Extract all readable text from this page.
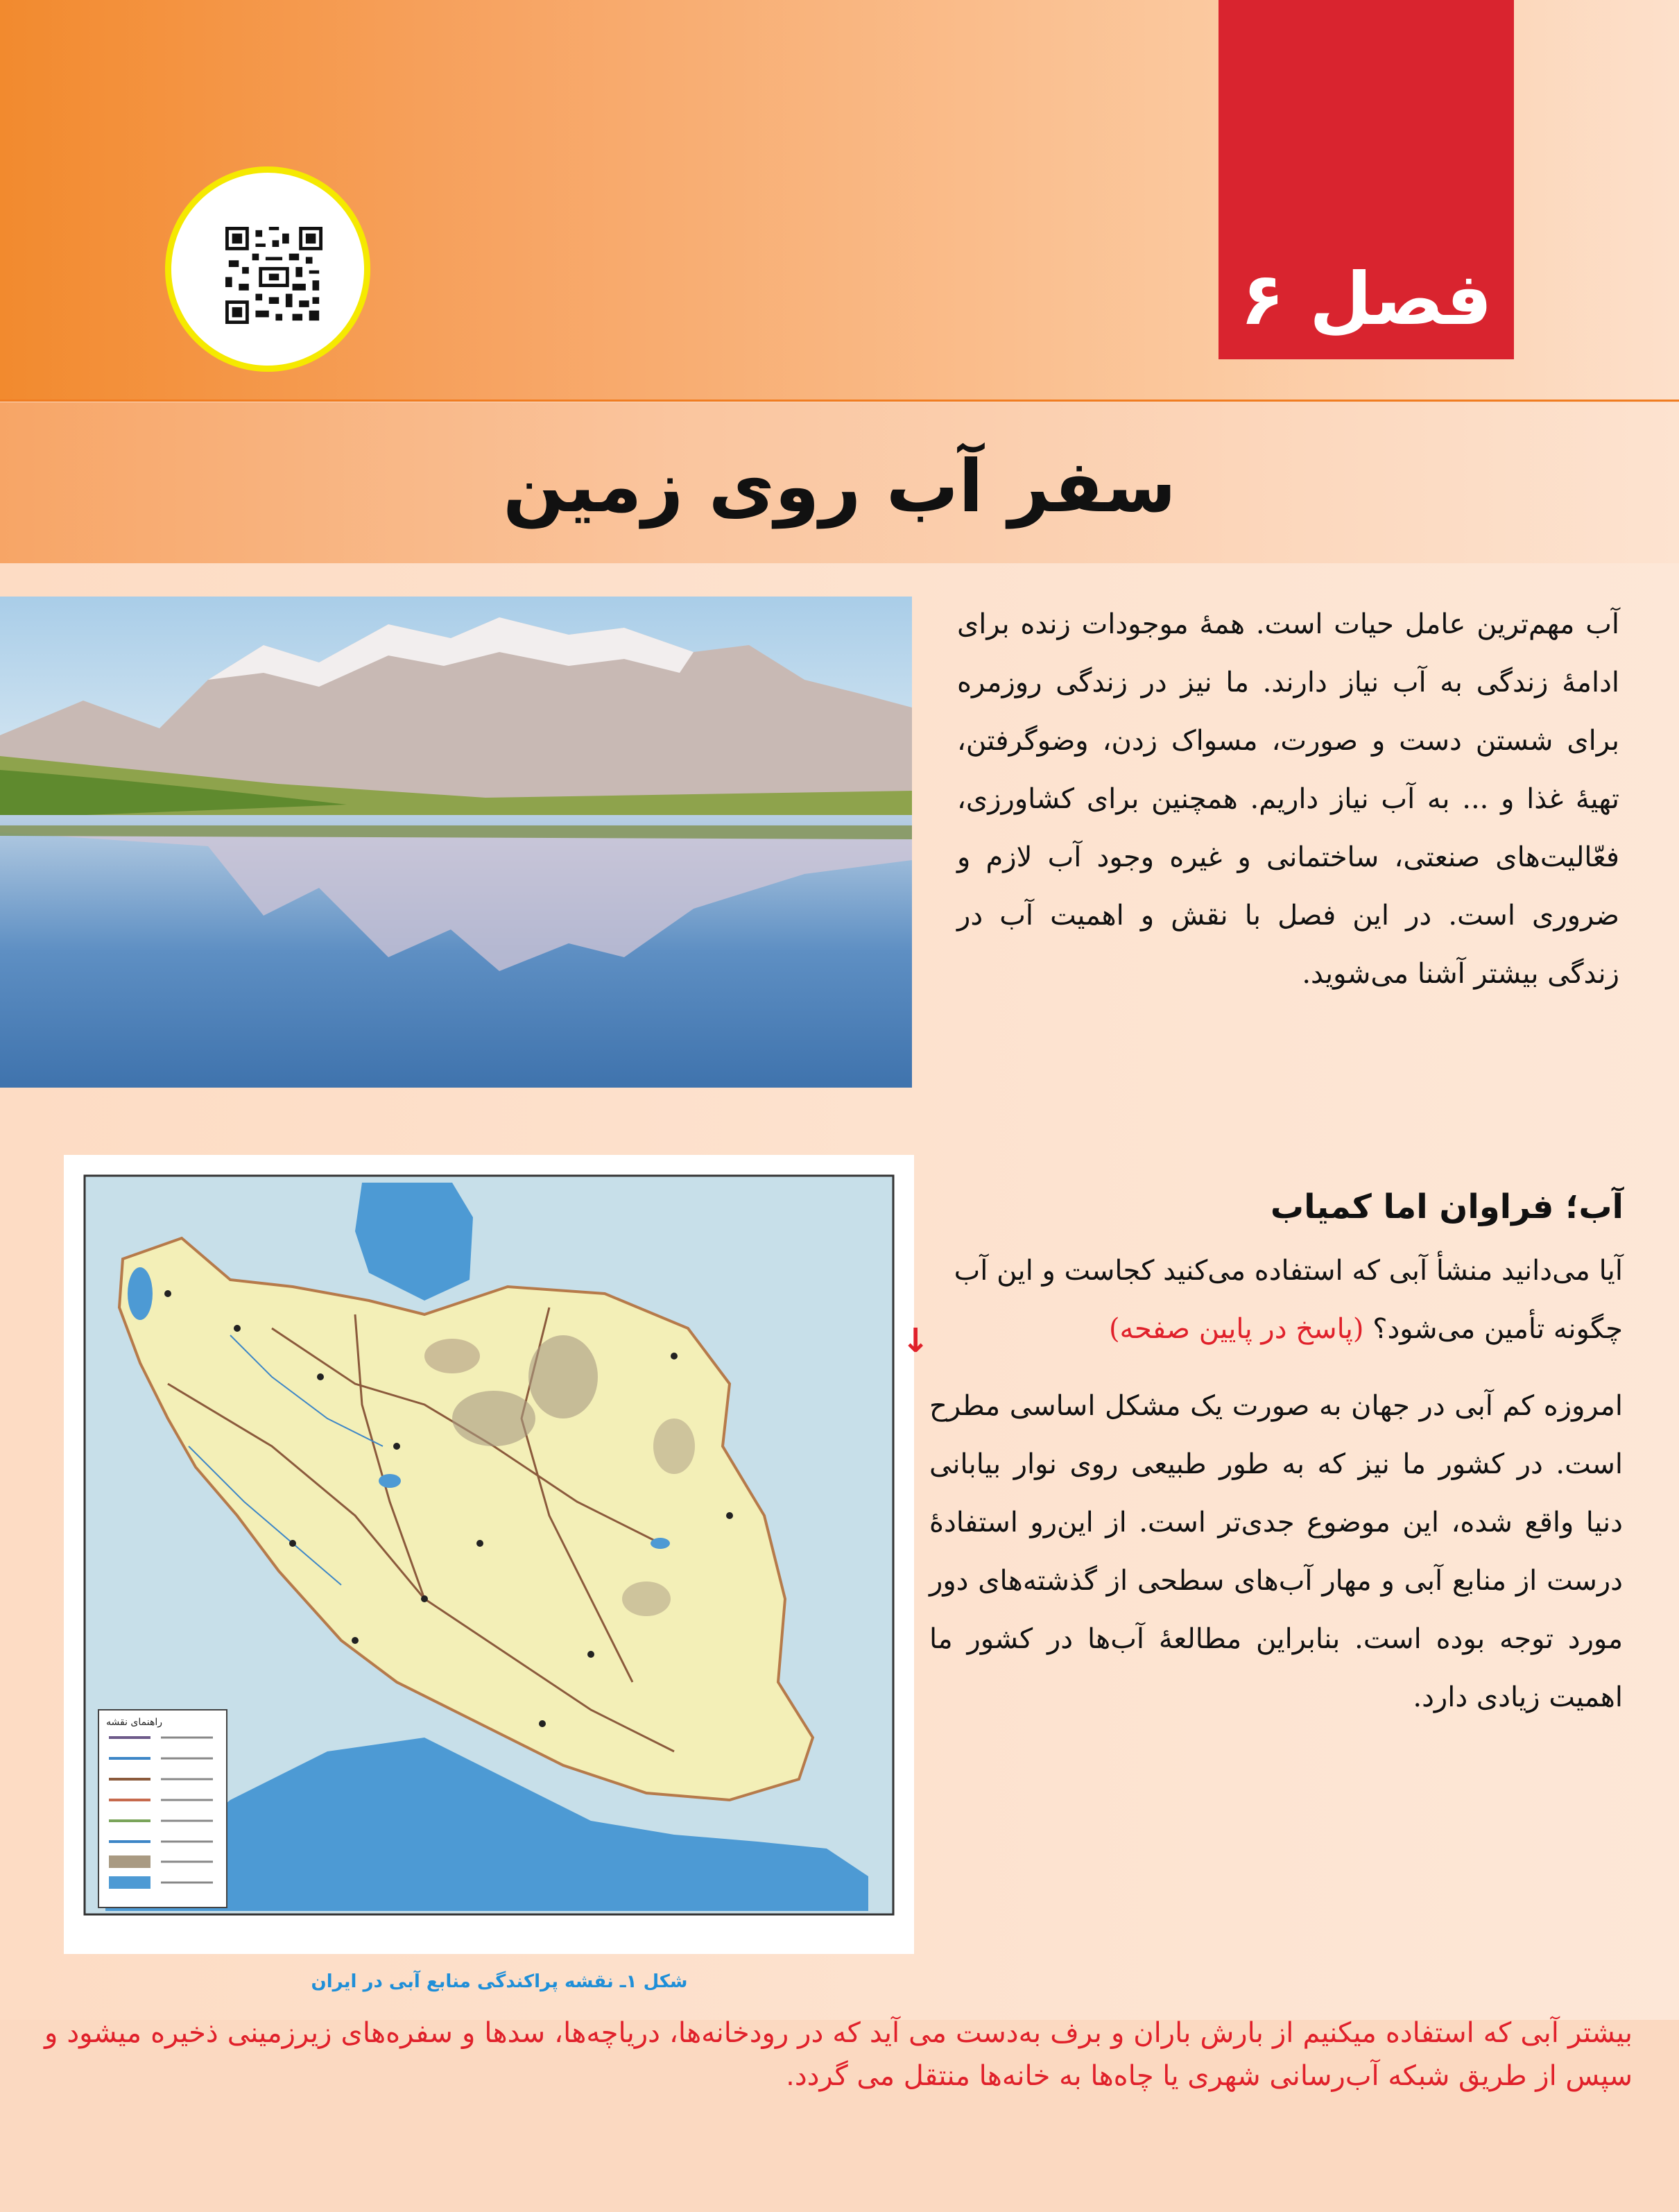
فصل ۶
سفر آب روی زمین
آب مهم‌ترین عامل حیات است. همهٔ موجودات زنده برای ادامهٔ زندگی به آب نیاز دارند. ما نیز در زندگی روزمره برای شستن دست و صورت، مسواک زدن، وضوگرفتن، تهیهٔ غذا و ... به آب نیاز داریم. همچنین برای کشاورزی، فعّالیت‌های صنعتی، ساختمانی و غیره وجود آب لازم و ضروری است. در این فصل با نقش و اهمیت آب در زندگی بیشتر آشنا می‌شوید.
راهنمای نقشه
آب؛ فراوان اما کمیاب
آیا می‌دانید منشأ آبی که استفاده می‌کنید کجاست و این آب چگونه تأمین می‌شود؟ (پاسخ در پایین صفحه)
↓
امروزه کم آبی در جهان به صورت یک مشکل اساسی مطرح است. در کشور ما نیز که به طور طبیعی روی نوار بیابانی دنیا واقع شده، این موضوع جدی‌تر است. از این‌رو استفادهٔ درست از منابع آبی و مهار آب‌های سطحی از گذشته‌های دور مورد توجه بوده است. بنابراین مطالعهٔ آب‌ها در کشور ما اهمیت زیادی دارد.
شکل ۱ـ نقشه پراکندگی منابع آبی در ایران
بیشتر آبی که استفاده میکنیم از بارش باران و برف به‌دست می آید که در رودخانه‌ها، دریاچه‌ها، سدها و سفره‌های زیرزمینی ذخیره میشود و سپس از طریق شبکه آب‌رسانی شهری یا چاه‌ها به خانه‌ها منتقل می گردد.
